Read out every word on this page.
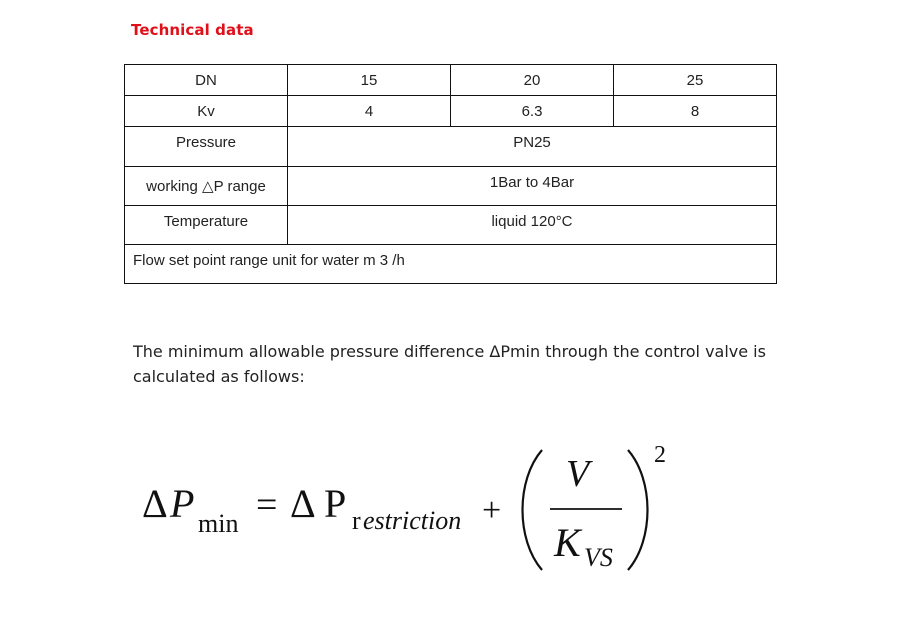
Technical data
DN	15	20	25
Kv	4	6.3	8
Pressure	PN25		
working △P range	1Bar to 4Bar		
Temperature	liquid 120°C		
Flow set point range unit for water m 3 /h			
The minimum allowable pressure difference ΔPmin through the control valve is calculated as follows:
Δ P min = Δ P r estriction +
V
K VS
2
